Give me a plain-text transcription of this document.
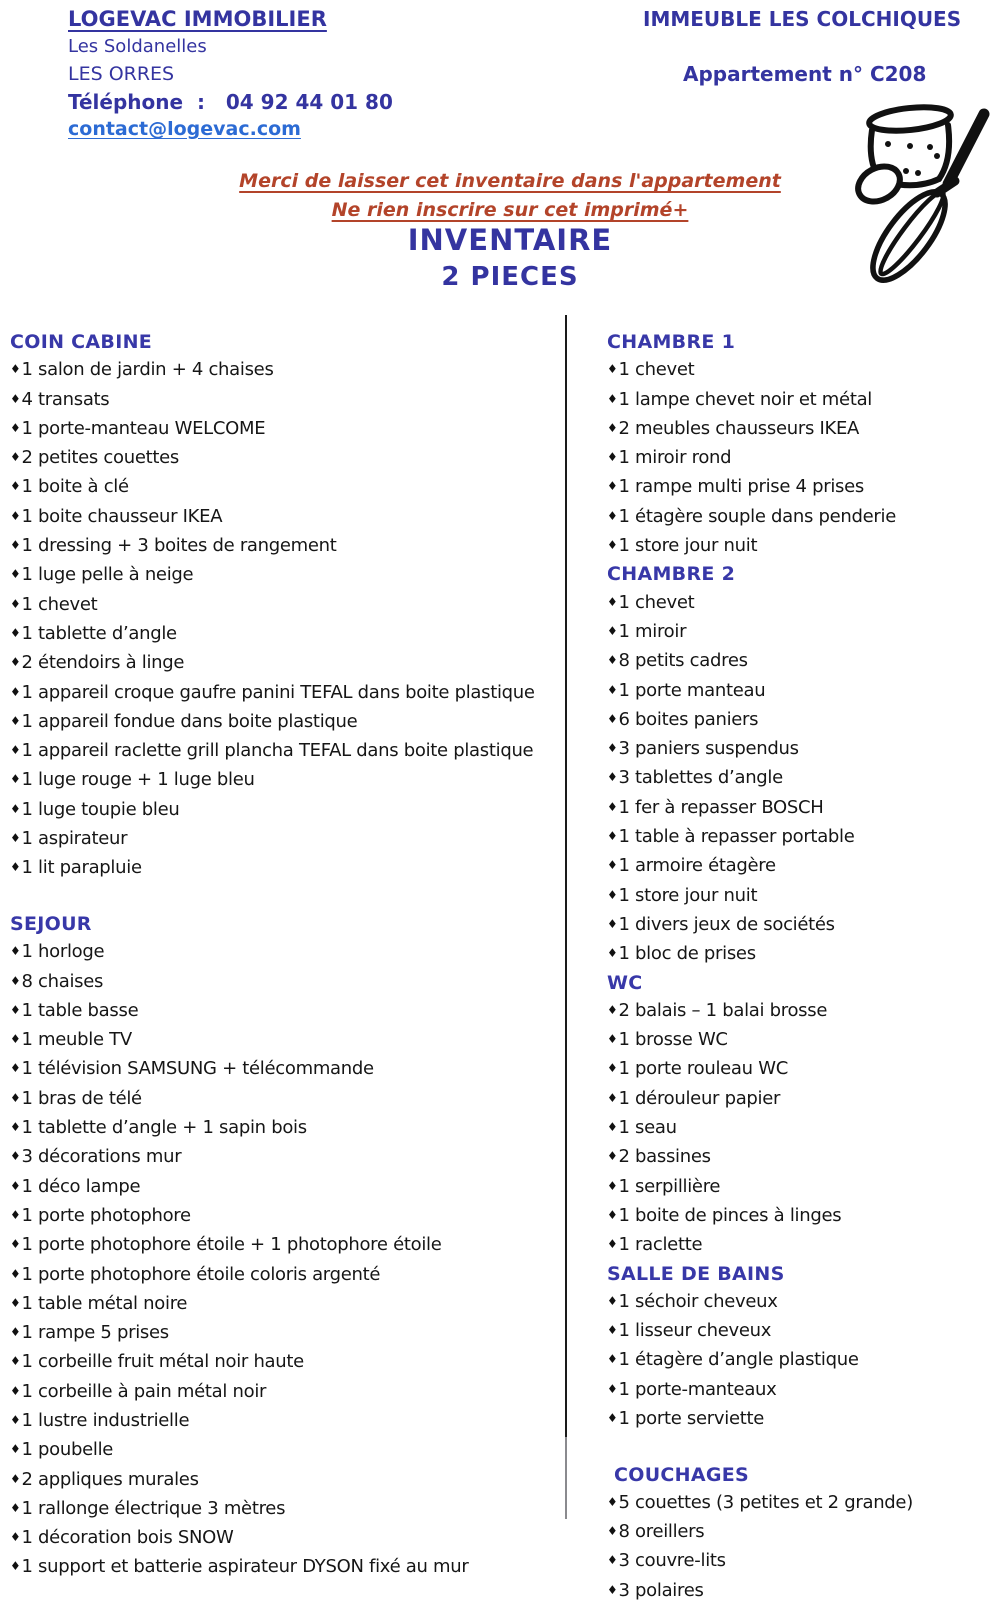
LOGEVAC IMMOBILIER
Les Soldanelles
LES ORRES
Téléphone  :   04 92 44 01 80
contact@logevac.com
IMMEUBLE LES COLCHIQUES
Appartement n° C208
Merci de laisser cet inventaire dans l'appartement
Ne rien inscrire sur cet imprimé+
INVENTAIRE
2 PIECES
COIN CABINE
♦1 salon de jardin + 4 chaises
♦4 transats
♦1 porte-manteau WELCOME
♦2 petites couettes
♦1 boite à clé
♦1 boite chausseur IKEA
♦1 dressing + 3 boites de rangement
♦1 luge pelle à neige
♦1 chevet
♦1 tablette d’angle
♦2 étendoirs à linge
♦1 appareil croque gaufre panini TEFAL dans boite plastique
♦1 appareil fondue dans boite plastique
♦1 appareil raclette grill plancha TEFAL dans boite plastique
♦1 luge rouge + 1 luge bleu
♦1 luge toupie bleu
♦1 aspirateur
♦1 lit parapluie
SEJOUR
♦1 horloge
♦8 chaises
♦1 table basse
♦1 meuble TV
♦1 télévision SAMSUNG + télécommande
♦1 bras de télé
♦1 tablette d’angle + 1 sapin bois
♦3 décorations mur
♦1 déco lampe
♦1 porte photophore
♦1 porte photophore étoile + 1 photophore étoile
♦1 porte photophore étoile coloris argenté
♦1 table métal noire
♦1 rampe 5 prises
♦1 corbeille fruit métal noir haute
♦1 corbeille à pain métal noir
♦1 lustre industrielle
♦1 poubelle
♦2 appliques murales
♦1 rallonge électrique 3 mètres
♦1 décoration bois SNOW
♦1 support et batterie aspirateur DYSON fixé au mur
CHAMBRE 1
♦1 chevet
♦1 lampe chevet noir et métal
♦2 meubles chausseurs IKEA
♦1 miroir rond
♦1 rampe multi prise 4 prises
♦1 étagère souple dans penderie
♦1 store jour nuit
CHAMBRE 2
♦1 chevet
♦1 miroir
♦8 petits cadres
♦1 porte manteau
♦6 boites paniers
♦3 paniers suspendus
♦3 tablettes d’angle
♦1 fer à repasser BOSCH
♦1 table à repasser portable
♦1 armoire étagère
♦1 store jour nuit
♦1 divers jeux de sociétés
♦1 bloc de prises
WC
♦2 balais – 1 balai brosse
♦1 brosse WC
♦1 porte rouleau WC
♦1 dérouleur papier
♦1 seau
♦2 bassines
♦1 serpillière
♦1 boite de pinces à linges
♦1 raclette
SALLE DE BAINS
♦1 séchoir cheveux
♦1 lisseur cheveux
♦1 étagère d’angle plastique
♦1 porte-manteaux
♦1 porte serviette
COUCHAGES
♦5 couettes (3 petites et 2 grande)
♦8 oreillers
♦3 couvre-lits
♦3 polaires
